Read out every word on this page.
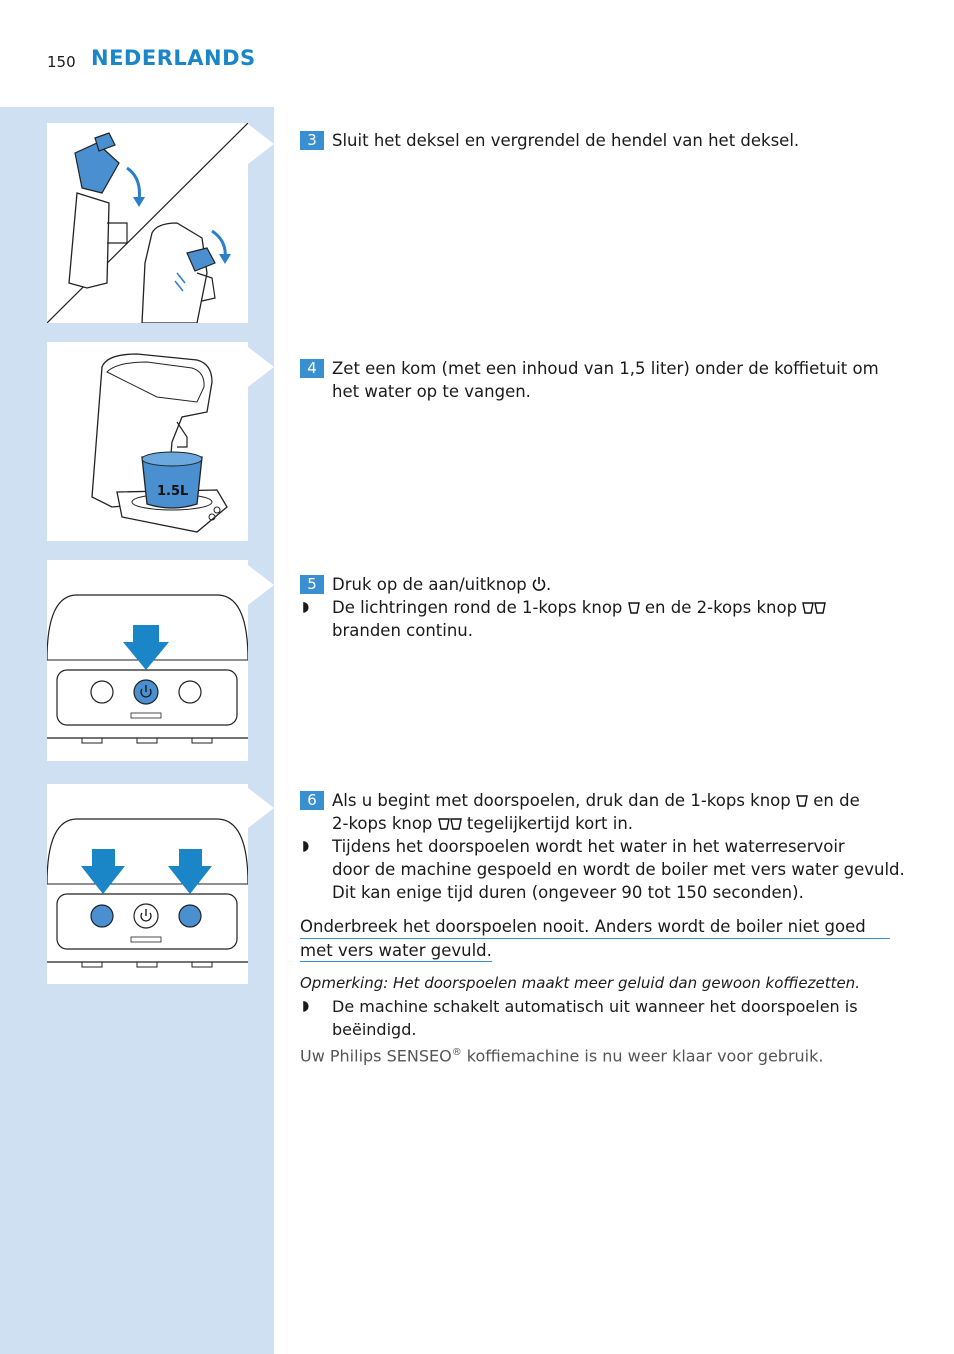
150 NEDERLANDS
1.5L
3 Sluit het deksel en vergrendel de hendel van het deksel.
4 Zet een kom (met een inhoud van 1,5 liter) onder de koffietuit om
het water op te vangen.
5 Druk op de aan/uitknop .
◗ De lichtringen rond de 1-kops knop en de 2-kops knop
branden continu.
6 Als u begint met doorspoelen, druk dan de 1-kops knop en de
2-kops knop tegelijkertijd kort in.
◗ Tijdens het doorspoelen wordt het water in het waterreservoir
door de machine gespoeld en wordt de boiler met vers water gevuld.
Dit kan enige tijd duren (ongeveer 90 tot 150 seconden).
Onderbreek het doorspoelen nooit. Anders wordt de boiler niet goed
met vers water gevuld.
Opmerking: Het doorspoelen maakt meer geluid dan gewoon koffiezetten.
◗ De machine schakelt automatisch uit wanneer het doorspoelen is
beëindigd.
Uw Philips SENSEO® koffiemachine is nu weer klaar voor gebruik.
